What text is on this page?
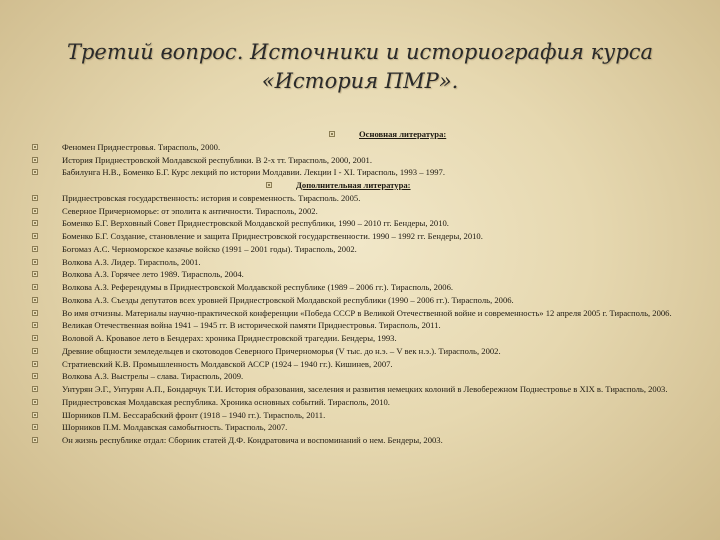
Третий вопрос. Источники и историография курса
«История ПМР».
Основная литература:
Феномен Приднестровья. Тирасполь, 2000.
История Приднестровской Молдавской республики. В 2-х тт. Тирасполь, 2000, 2001.
Бабилунга Н.В., Боменко Б.Г. Курс лекций по истории Молдавии. Лекции I - XI. Тирасполь, 1993 – 1997.
Дополнительная литература:
Приднестровская государственность: история и современность. Тирасполь. 2005.
Северное Причерноморье: от эполита к античности. Тирасполь, 2002.
Боменко Б.Г. Верховный Совет Приднестровской Молдавской республики, 1990 – 2010 гг. Бендеры, 2010.
Боменко Б.Г. Создание, становление и защита Приднестровской государственности. 1990 – 1992 гг. Бендеры, 2010.
Богомаз А.С. Черноморское казачье войско (1991 – 2001 годы). Тирасполь, 2002.
Волкова А.З. Лидер. Тирасполь, 2001.
Волкова А.З. Горячее лето 1989. Тирасполь, 2004.
Волкова А.З. Референдумы в Приднестровской Молдавской республике (1989 – 2006 гг.). Тирасполь, 2006.
Волкова А.З. Съезды депутатов всех уровней Приднестровской Молдавской республики (1990 – 2006 гг.). Тирасполь, 2006.
Во имя отчизны. Материалы научно-практической конференции «Победа СССР в Великой Отечественной войне и современность» 12 апреля 2005 г. Тирасполь, 2006.
Великая Отечественная война 1941 – 1945 гг. В исторической памяти Приднестровья. Тирасполь, 2011.
Воловой А. Кровавое лето в Бендерах: хроника Приднестровской трагедии. Бендеры, 1993.
Древние общности земледельцев и скотоводов Северного Причерноморья (V тыс. до н.э. – V век н.э.). Тирасполь, 2002.
Стратиевский К.В. Промышленность Молдавской АССР (1924 – 1940 гг.). Кишинев, 2007.
Волкова А.З. Выстрелы – слава. Тирасполь, 2009.
Унтурян Э.Г., Унтурян А.П., Бондарчук Т.И. История образования, заселения и развития немецких колоний в Левобережном Поднестровье в XIX в. Тирасполь, 2003.
Приднестровская Молдавская республика. Хроника основных событий. Тирасполь, 2010.
Шорников П.М. Бессарабский фронт (1918 – 1940 гг.). Тирасполь, 2011.
Шорников П.М. Молдавская самобытность. Тирасполь, 2007.
Он жизнь республике отдал: Сборник статей Д.Ф. Кондратовича и воспоминаний о нем. Бендеры, 2003.
